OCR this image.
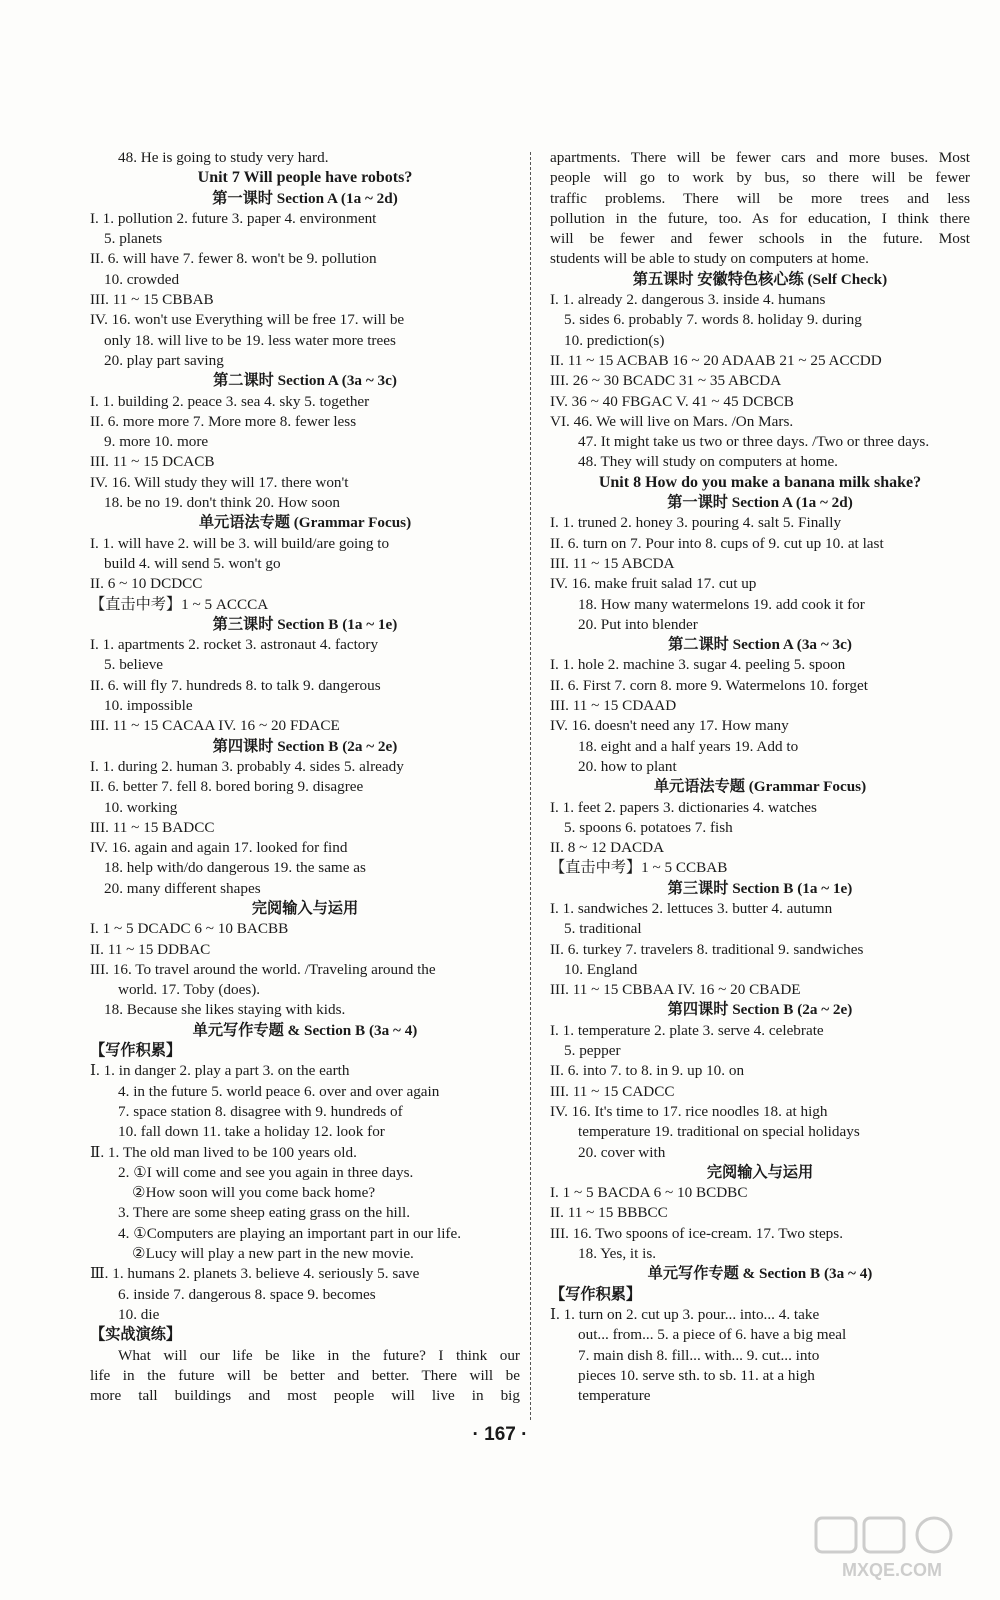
48. He is going to study very hard.
Unit 7 Will people have robots?
第一课时 Section A (1a ~ 2d)
I. 1. pollution 2. future 3. paper 4. environment
5. planets
II. 6. will have 7. fewer 8. won't be 9. pollution
10. crowded
III. 11 ~ 15 CBBAB
IV. 16. won't use Everything will be free 17. will be
only 18. will live to be 19. less water more trees
20. play part saving
第二课时 Section A (3a ~ 3c)
I. 1. building 2. peace 3. sea 4. sky 5. together
II. 6. more more 7. More more 8. fewer less
9. more 10. more
III. 11 ~ 15 DCACB
IV. 16. Will study they will 17. there won't
18. be no 19. don't think 20. How soon
单元语法专题 (Grammar Focus)
I. 1. will have 2. will be 3. will build/are going to
build 4. will send 5. won't go
II. 6 ~ 10 DCDCC
【直击中考】1 ~ 5 ACCCA
第三课时 Section B (1a ~ 1e)
I. 1. apartments 2. rocket 3. astronaut 4. factory
5. believe
II. 6. will fly 7. hundreds 8. to talk 9. dangerous
10. impossible
III. 11 ~ 15 CACAA IV. 16 ~ 20 FDACE
第四课时 Section B (2a ~ 2e)
I. 1. during 2. human 3. probably 4. sides 5. already
II. 6. better 7. fell 8. bored boring 9. disagree
10. working
III. 11 ~ 15 BADCC
IV. 16. again and again 17. looked for find
18. help with/do dangerous 19. the same as
20. many different shapes
完阅输入与运用
I. 1 ~ 5 DCADC 6 ~ 10 BACBB
II. 11 ~ 15 DDBAC
III. 16. To travel around the world. /Traveling around the
world. 17. Toby (does).
18. Because she likes staying with kids.
单元写作专题 & Section B (3a ~ 4)
【写作积累】
Ⅰ. 1. in danger 2. play a part 3. on the earth
4. in the future 5. world peace 6. over and over again
7. space station 8. disagree with 9. hundreds of
10. fall down 11. take a holiday 12. look for
Ⅱ. 1. The old man lived to be 100 years old.
2. ①I will come and see you again in three days.
②How soon will you come back home?
3. There are some sheep eating grass on the hill.
4. ①Computers are playing an important part in our life.
②Lucy will play a new part in the new movie.
Ⅲ. 1. humans 2. planets 3. believe 4. seriously 5. save
6. inside 7. dangerous 8. space 9. becomes
10. die
【实战演练】
What will our life be like in the future? I think our
life in the future will be better and better. There will be
more tall buildings and most people will live in big
apartments. There will be fewer cars and more buses. Most
people will go to work by bus, so there will be fewer
traffic problems. There will be more trees and less
pollution in the future, too. As for education, I think there
will be fewer and fewer schools in the future. Most
students will be able to study on computers at home.
第五课时 安徽特色核心练 (Self Check)
I. 1. already 2. dangerous 3. inside 4. humans
5. sides 6. probably 7. words 8. holiday 9. during
10. prediction(s)
II. 11 ~ 15 ACBAB 16 ~ 20 ADAAB 21 ~ 25 ACCDD
III. 26 ~ 30 BCADC 31 ~ 35 ABCDA
IV. 36 ~ 40 FBGAC V. 41 ~ 45 DCBCB
VI. 46. We will live on Mars. /On Mars.
47. It might take us two or three days. /Two or three days.
48. They will study on computers at home.
Unit 8 How do you make a banana milk shake?
第一课时 Section A (1a ~ 2d)
I. 1. truned 2. honey 3. pouring 4. salt 5. Finally
II. 6. turn on 7. Pour into 8. cups of 9. cut up 10. at last
III. 11 ~ 15 ABCDA
IV. 16. make fruit salad 17. cut up
18. How many watermelons 19. add cook it for
20. Put into blender
第二课时 Section A (3a ~ 3c)
I. 1. hole 2. machine 3. sugar 4. peeling 5. spoon
II. 6. First 7. corn 8. more 9. Watermelons 10. forget
III. 11 ~ 15 CDAAD
IV. 16. doesn't need any 17. How many
18. eight and a half years 19. Add to
20. how to plant
单元语法专题 (Grammar Focus)
I. 1. feet 2. papers 3. dictionaries 4. watches
5. spoons 6. potatoes 7. fish
II. 8 ~ 12 DACDA
【直击中考】1 ~ 5 CCBAB
第三课时 Section B (1a ~ 1e)
I. 1. sandwiches 2. lettuces 3. butter 4. autumn
5. traditional
II. 6. turkey 7. travelers 8. traditional 9. sandwiches
10. England
III. 11 ~ 15 CBBAA IV. 16 ~ 20 CBADE
第四课时 Section B (2a ~ 2e)
I. 1. temperature 2. plate 3. serve 4. celebrate
5. pepper
II. 6. into 7. to 8. in 9. up 10. on
III. 11 ~ 15 CADCC
IV. 16. It's time to 17. rice noodles 18. at high
temperature 19. traditional on special holidays
20. cover with
完阅输入与运用
I. 1 ~ 5 BACDA 6 ~ 10 BCDBC
II. 11 ~ 15 BBBCC
III. 16. Two spoons of ice-cream. 17. Two steps.
18. Yes, it is.
单元写作专题 & Section B (3a ~ 4)
【写作积累】
Ⅰ. 1. turn on 2. cut up 3. pour... into... 4. take
out... from... 5. a piece of 6. have a big meal
7. main dish 8. fill... with... 9. cut... into
pieces 10. serve sth. to sb. 11. at a high
temperature
· 167 ·
MXQE.COM
